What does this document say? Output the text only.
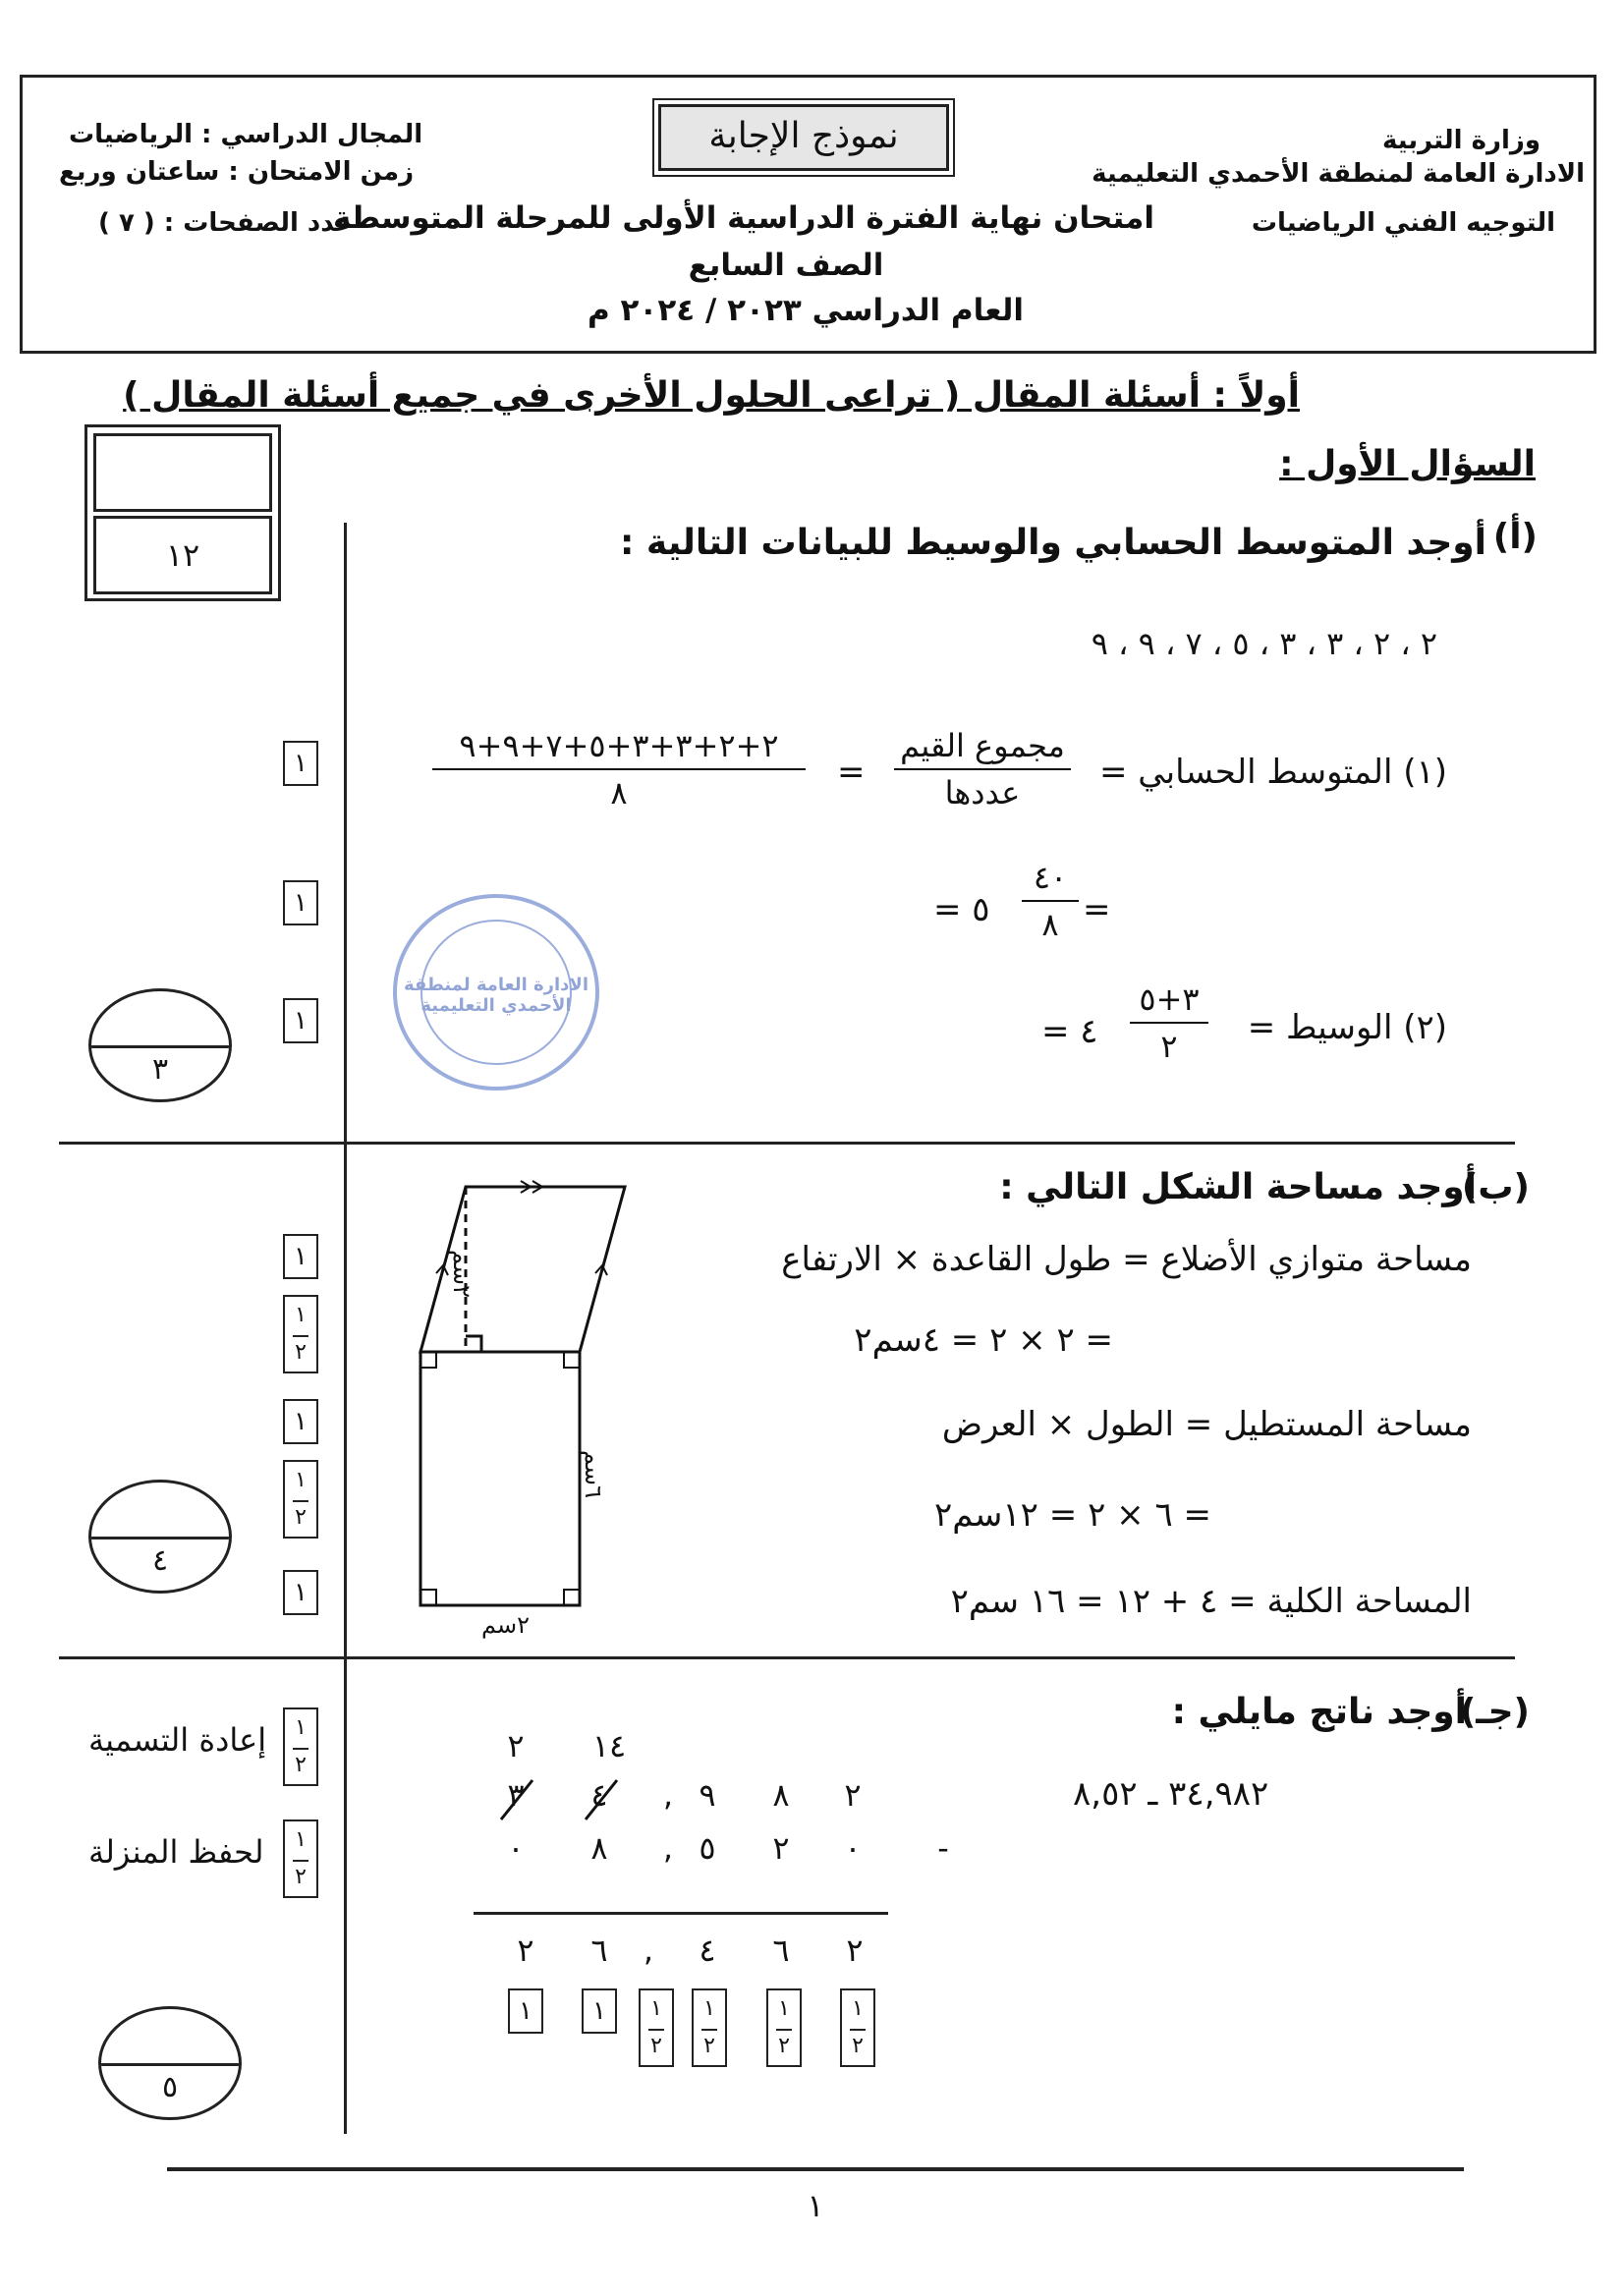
وزارة التربية
الادارة العامة لمنطقة الأحمدي التعليمية
التوجيه الفني الرياضيات
نموذج الإجابة
امتحان نهاية الفترة الدراسية الأولى للمرحلة المتوسطة
الصف السابع
العام الدراسي ٢٠٢٣ / ٢٠٢٤ م
المجال الدراسي : الرياضيات
زمن الامتحان : ساعتان وربع
عدد الصفحات : ( ٧ )
أولاً : أسئلة المقال ( تراعى الحلول الأخرى في جميع أسئلة المقال )
السؤال الأول :
١٢	أوجد المتوسط الحسابي والوسيط للبيانات التالية : (أ)
٢ ، ٢ ، ٣ ، ٣ ، ٥ ، ٧ ، ٩ ، ٩
(١) المتوسط الحسابي =
مجموع القيم
عددها
=
٢+٢+٣+٣+٥+٧+٩+٩
٨
=
٤٠
٨
= ٥
(٢) الوسيط =
٣+٥
٢
= ٤
الادارة العامة لمنطقة الأحمدي التعليمية
١
١
١
٣
أوجد مساحة الشكل التالي :
(ب)
مساحة متوازي الأضلاع = طول القاعدة × الارتفاع
= ٢ × ٢ = ٤سم٢
مساحة المستطيل = الطول × العرض
= ٦ × ٢ = ١٢سم٢
المساحة الكلية = ٤ + ١٢ = ١٦ سم٢
٢سم
٦سم
٢سم
١
١
٢
١
١
٢
١
٤
أوجد ناتج مايلي :
(جـ)
٣٤,٩٨٢ ـ ٨,٥٢
٢	١٤
٣	٤	, ٩	٨	٢
٠	٨	, ٥	٢	٠	-
٢	٦	,	٤	٦	٢
١	١	١
٢
١
٢
١
٢
١
٢
إعادة التسمية	١
٢
لحفظ المنزلة	١
٢
٥
١
